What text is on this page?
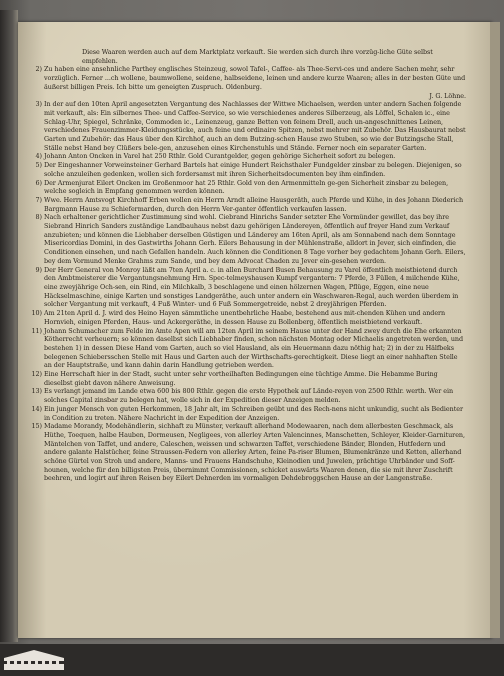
Diese Waaren werden auch auf dem Marktplatz verkauft. Sie werden sich durch ihre vorzüg-liche Güte selbst empfehlen.

2) Zu haben eine ansehnliche Parthey englisches Steinzeug, sowol Tafel-, Caffee- als Thee-Servi-ces und andere Sachen mehr, sehr vorzüglich. Ferner ...ch wollene, baumwollene, seidene, halbseidene, leinen und andere kurze Waaren; alles in der besten Güte und äußerst billigen Preis. Ich bitte um geneigten Zuspruch. Oldenburg.
J. G. Löhne.
3) In der auf den 10ten April angesetzten Vergantung des Nachlasses der Wittwe Michaelsen, werden unter andern Sachen folgende mit verkauft, als: Ein silbernes Thee- und Caffee-Service, so wie verschiedenes anderes Silberzeug, als Löffel, Schalen ic., eine Schlag-Uhr, Spiegel, Schränke, Commoden ic., Leinenzeug, ganze Betten von feinem Drell, auch un-angeschnittenes Leinen, verschiedenes Frauenzimmer-Kleidungsstücke, auch feine und ordinaire Spitzen, nebst mehrer mit Zubehör. Das Hausbaurat nebst Garten und Zubehör: das Haus über den Kirchhof, auch an dem Butzing-schen Hause zwo Stuben, so wie der Butzingsche Stall, Ställe nebst Hand bey Clüßers bele-gen, anzusehen eines Kirchenstuhls und Stände. Ferner noch ein separater Garten.
4) Johann Anton Oncken in Varel hat 250 Rthlr. Gold Curantgelder, gegen gehörige Sicherheit sofort zu belegen.
5) Der Eingeshanner Vorweinsteiner Gerhard Bartels hat einige Hundert Reichsthaler Fundgelder zinsbar zu belegen. Diejenigen, so solche anzuleihen gedenken, wollen sich fordersamst mit ihren Sicherheitsdocumenten bey ihm einfinden.
6) Der Armenjurat Eilert Oncken im Großenmoor hat 25 Rthlr. Gold von den Armenmitteln ge-gen Sicherheit zinsbar zu belegen, welche sogleich in Empfang genommen werden können.
7) Wwe. Herrn Amtsvogt Kirchhoff Erben wollen ein Herrn Arndt alleine Hausgeräth, auch Pferde und Kühe, in des Johann Diederich Bargmann Hause zu Schiefermarden, durch den Herrn Ver-ganter öffentlich verkaufen lassen.
8) Nach erhaltener gerichtlicher Zustimmung sind wohl. Ciebrand Hinrichs Sander setzter Ehe Vormünder gewillet, das bey ihre Siebrand Hinrich Sanders zuständige Landbauhaus nebst dazu gehörigen Ländereyen, öffentlich auf freyer Hand zum Verkauf anzubieten; und können die Liebhaber derselben Güstigen und Länderey am 16ten April, als am Sonnabend nach dem Sonntage Misericordias Domini, in des Gastwirths Johann Gerh. Eilers Behausung in der Mühlenstraße, alldort in Jever, sich einfinden, die Conditionen einsehen, und nach Gefallen handeln. Auch können die Conditionen 8 Tage vorher bey gedachtem Johann Gerh. Eilers, bey dem Vormund Menke Grahms zum Sande, und bey dem Advocat Chaden zu Jever ein-gesehen werden.
9) Der Herr General von Monroy läßt am 7ten April a. c. in allen Burchard Busen Behausung zu Varel öffentlich meistbietend durch den Ambtmeisterer die Vergantungsnehmung Hrn. Spec-telmeyshausen Kumpf vergantern: 7 Pferde, 3 Füllen, 4 milchende Kühe, eine zweyjährige Och-sen, ein Rind, ein Milchkalb, 3 beschlagene und einen hölzernen Wagen, Pflüge, Eggen, eine neue Häckselmaschine, einige Karten und sonstiges Landgeräthe, auch unter andern ein Waschwaren-Regal, auch werden überdem in solcher Vergantung mit verkauft, 4 Fuß Winter- und 6 Fuß Sommergetreide, nebst 2 dreyjährigen Pferden.
10) Am 21ten April d. J. wird des Heino Hayen sämmtliche unentbehrliche Haabe, bestehend aus mit-chenden Kühen und andern Hornvieh, einigen Pferden, Haus- und Ackergeräthe, in dessen Hause zu Bollenberg, öffentlich meistbietend verkauft.
11) Johann Schumacher zum Felde im Amte Apen will am 12ten April im seinem Hause unter der Hand zwey durch die Ehe erkannten Kötherrecht verheuern; so können daselbst sich Liebhaber finden, schon nächsten Montag oder Michaelis angetreten werden, und bestehen 1) in dessen Diese Hand vom Garten, auch so viel Hausland, als ein Heuermann dazu nöthig hat; 2) in der zu Hälfbeks belegenen Schiebersschen Stelle mit Haus und Garten auch der Wirthschafts-gerechtigkeit. Diese liegt an einer nahhaften Stelle an der Hauptstraße, und kann dahin darin Handlung getrieben werden.
12) Eine Herrschaft hier in der Stadt, sucht unter sehr vortheilhaften Bedingungen eine tüchtige Amme. Die Hebamme Buring dieselbst giebt davon nähere Anweisung.
13) Es verlangt jemand im Lande etwa 600 bis 800 Rthlr. gegen die erste Hypothek auf Lände-reyen von 2500 Rthlr. werth. Wer ein solches Capital zinsbar zu belegen hat, wolle sich in der Expedition dieser Anzeigen melden.
14) Ein junger Mensch von guten Herkommen, 18 Jahr alt, im Schreiben geübt und des Rech-nens nicht unkundig, sucht als Bedienter in Condition zu treten. Nähere Nachricht in der Expedition der Anzeigen.
15) Madame Morandy, Modehändlerin, sichhaft zu Münster, verkauft allerhand Modewaaren, nach dem allerbesten Geschmack, als Hüthe, Toequen, halbe Hauben, Dormeusen, Negligees, von allerley Arten Valencinnes, Manschetten, Schleyer, Kleider-Garnituren, Mäntelchen von Taffet, und andere, Caleschen, weissen und schwarzen Taffet, verschiedene Bänder, Blonden, Hutfedern und andere galante Halstücher, feine Straussen-Federn von allerley Arten, feine Pa-riser Blumen, Blumenkränze und Ketten, allerhand schöne Gürtel von Stroh und andere, Manns- und Frauens Handschuhe, Kleinodien und Juwelen, prächtige Uhrbänder und Soff-hounen, welche für den billigsten Preis, übernimmt Commissionen, schicket auswärts Waaren denen, die sie mit ihrer Zuschrift beehren, und logirt auf ihren Reisen bey Eilert Dehnerden im vormaligen Dehdebroggschen Hause an der Langenstraße.
